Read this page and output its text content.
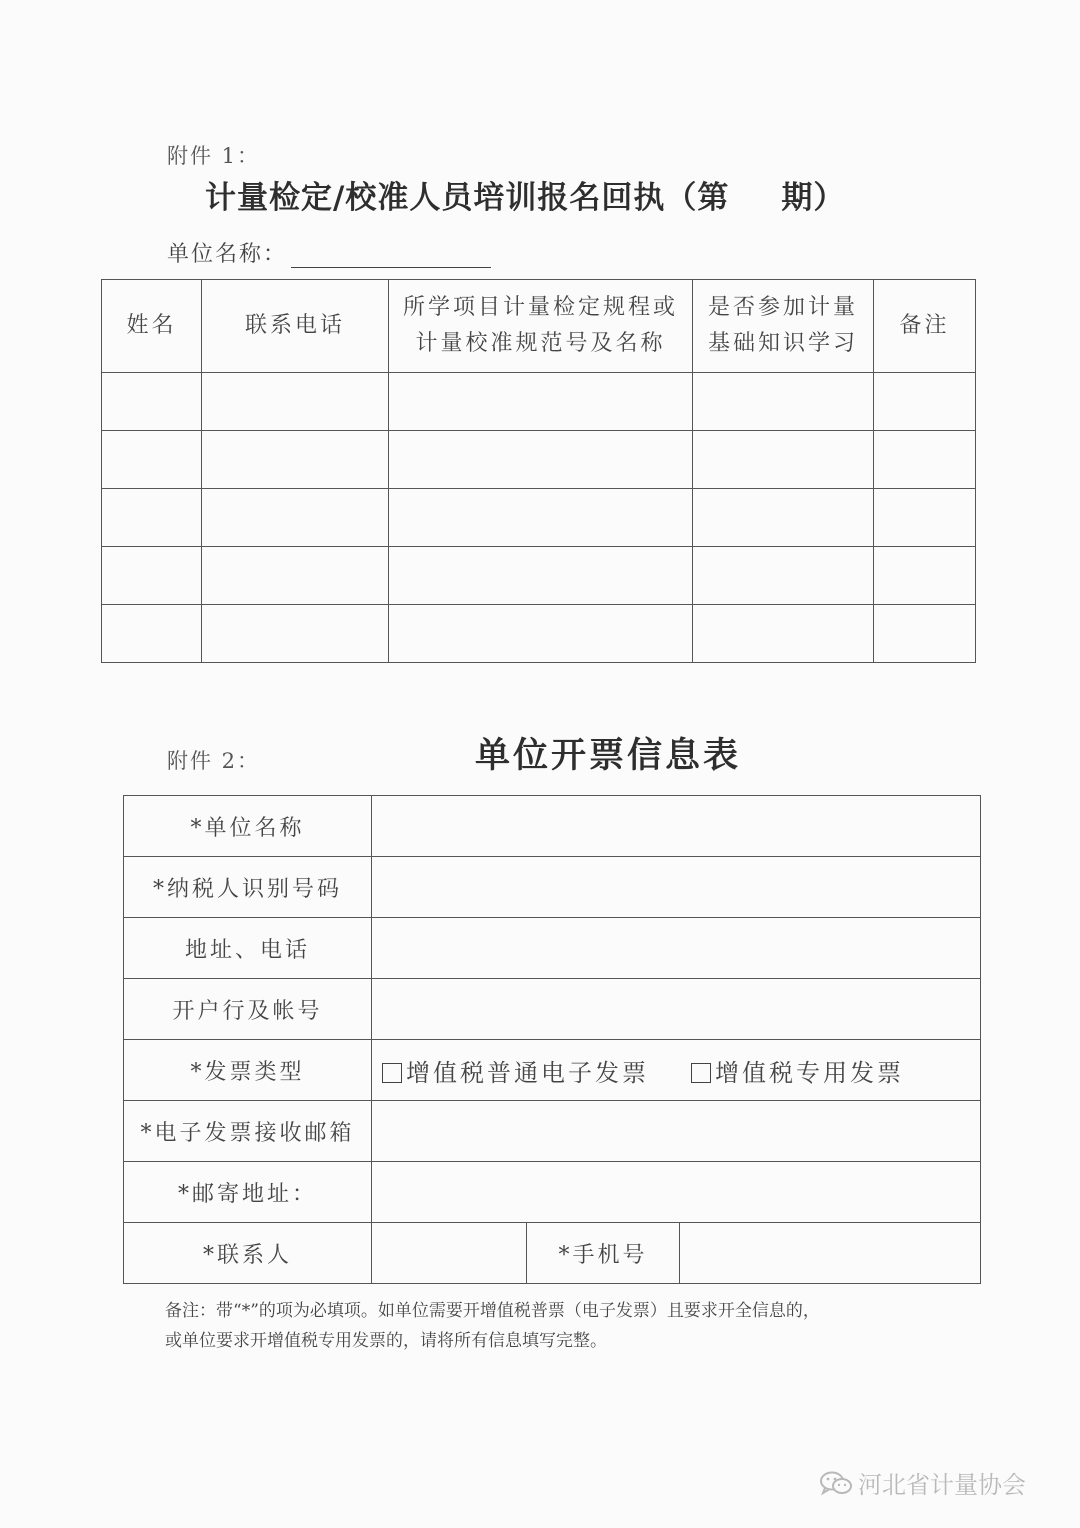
附件 1：
计量检定/校准人员培训报名回执（第 期）
单位名称：
姓名	联系电话	所学项目计量检定规程或计量校准规范号及名称	是否参加计量基础知识学习	备注

附件 2：	单位开票信息表
*单位名称			
*纳税人识别号码			
地址、电话			
开户行及帐号			
*发票类型	增值税普通电子发票 增值税专用发票		
*电子发票接收邮箱			
*邮寄地址：			
*联系人		*手机号	
备注：带“*”的项为必填项。如单位需要开增值税普票（电子发票）且要求开全信息的，
或单位要求开增值税专用发票的，请将所有信息填写完整。
河北省计量协会
